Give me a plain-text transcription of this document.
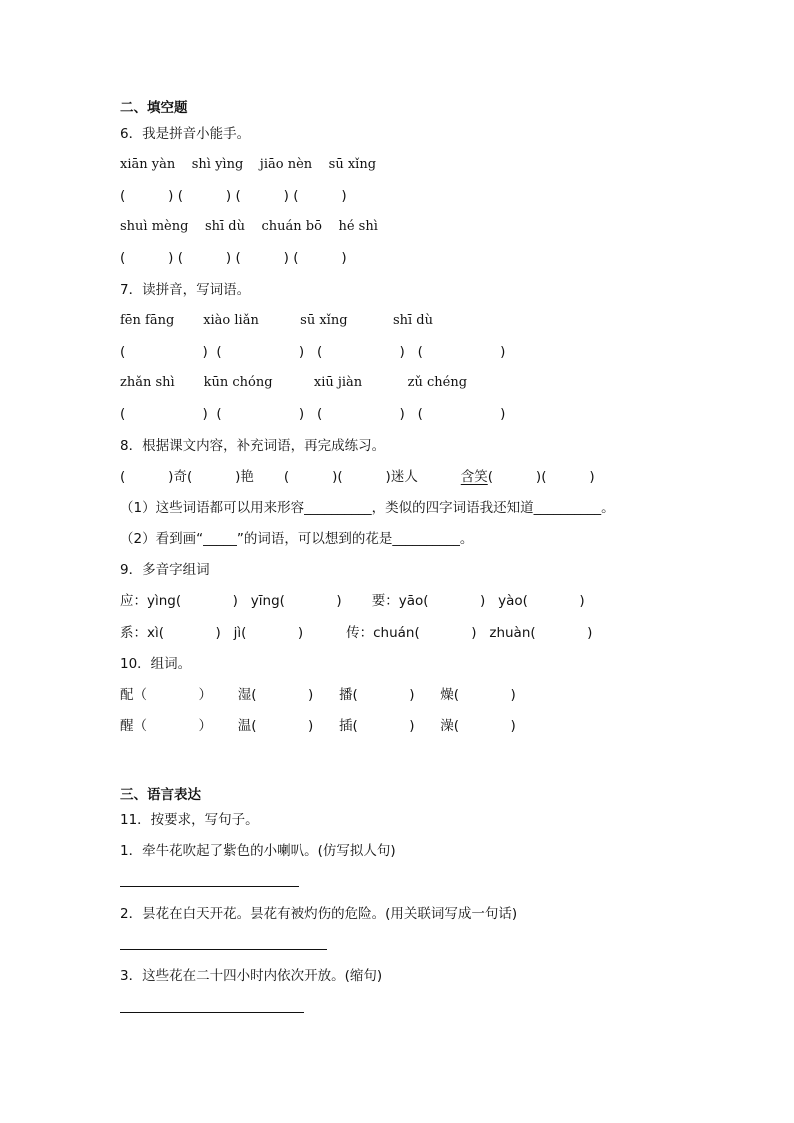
二、填空题
6．我是拼音小能手。
xiān yàn    shì yìng    jiāo nèn    sū xǐng
(          ) (          ) (          ) (          )
shuì mèng    shī dù    chuán bō    hé shì
(          ) (          ) (          ) (          )
7．读拼音，写词语。
fēn fāng       xiào liǎn          sū xǐng           shī dù
(                  )  (                  )   (                  )   (                  )
zhǎn shì       kūn chóng          xiū jiàn           zǔ chéng
(                  )  (                  )   (                  )   (                  )
8．根据课文内容，补充词语，再完成练习。
(          )奇(          )艳       (          )(          )迷人          含笑(          )(          )
（1）这些词语都可以用来形容__________，类似的四字词语我还知道__________。
（2）看到画“_____”的词语，可以想到的花是__________。
9．多音字组词
应：yìng(            )   yīng(            )       要：yāo(            )   yào(            )
系：xì(            )   jì(            )          传：chuán(            )   zhuàn(            )
10．组词。
配（            ）      湿(            )      播(            )      燥(            )
醒（            ）      温(            )      插(            )      澡(            )
三、语言表达
11．按要求，写句子。
1．牵牛花吹起了紫色的小喇叭。(仿写拟人句)
2．昙花在白天开花。昙花有被灼伤的危险。(用关联词写成一句话)
3．这些花在二十四小时内依次开放。(缩句)
